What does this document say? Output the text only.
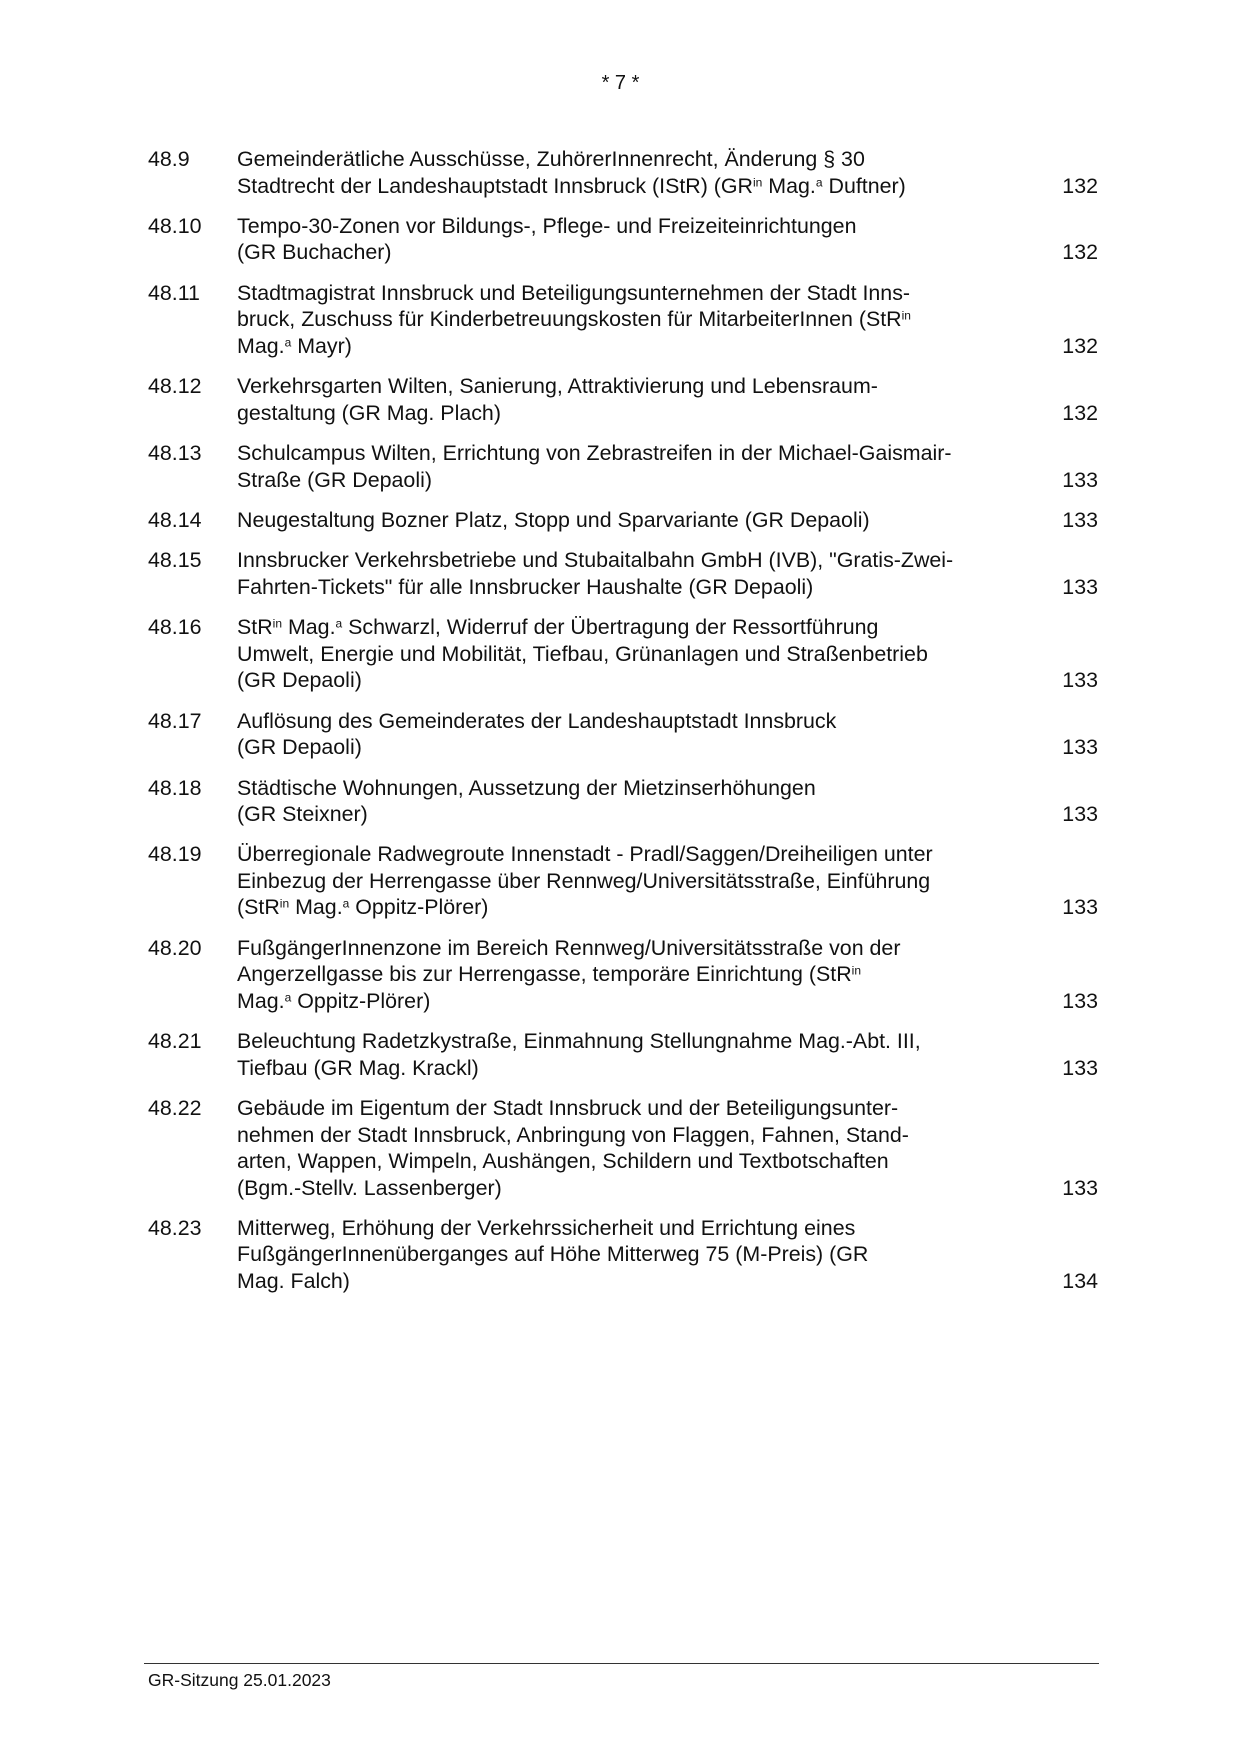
* 7 *
48.9	Gemeinderätliche Ausschüsse, ZuhörerInnenrecht, Änderung § 30
Stadtrecht der Landeshauptstadt Innsbruck (IStR) ($GR^{in}$ Mag.$^a$ Duftner)	132
48.10	Tempo-30-Zonen vor Bildungs-, Pflege- und Freizeiteinrichtungen
(GR Buchacher)	132
48.11	Stadtmagistrat Innsbruck und Beteiligungsunternehmen der Stadt Inns-
bruck, Zuschuss für Kinderbetreuungskosten für MitarbeiterInnen (StR$^{in}$
Mag.$^a$ Mayr)	132
48.12	Verkehrsgarten Wilten, Sanierung, Attraktivierung und Lebensraum-
gestaltung (GR Mag. Plach)	132
48.13	Schulcampus Wilten, Errichtung von Zebrastreifen in der Michael-Gaismair-
Straße (GR Depaoli)	133
48.14	Neugestaltung Bozner Platz, Stopp und Sparvariante (GR Depaoli)	133
48.15	Innsbrucker Verkehrsbetriebe und Stubaitalbahn GmbH (IVB), "Gratis-Zwei-
Fahrten-Tickets" für alle Innsbrucker Haushalte (GR Depaoli)	133
48.16	StR$^{in}$ Mag.$^a$ Schwarzl, Widerruf der Übertragung der Ressortführung
Umwelt, Energie und Mobilität, Tiefbau, Grünanlagen und Straßenbetrieb
(GR Depaoli)	133
48.17	Auflösung des Gemeinderates der Landeshauptstadt Innsbruck
(GR Depaoli)	133
48.18	Städtische Wohnungen, Aussetzung der Mietzinserhöhungen
(GR Steixner)	133
48.19	Überregionale Radwegroute Innenstadt - Pradl/Saggen/Dreiheiligen unter
Einbezug der Herrengasse über Rennweg/Universitätsstraße, Einführung
(StR$^{in}$ Mag.$^a$ Oppitz-Plörer)	133
48.20	FußgängerInnenzone im Bereich Rennweg/Universitätsstraße von der
Angerzellgasse bis zur Herrengasse, temporäre Einrichtung (StR$^{in}$
Mag.$^a$ Oppitz-Plörer)	133
48.21	Beleuchtung Radetzkystraße, Einmahnung Stellungnahme Mag.-Abt. III,
Tiefbau (GR Mag. Krackl)	133
48.22	Gebäude im Eigentum der Stadt Innsbruck und der Beteiligungsunter-
nehmen der Stadt Innsbruck, Anbringung von Flaggen, Fahnen, Stand-
arten, Wappen, Wimpeln, Aushängen, Schildern und Textbotschaften
(Bgm.-Stellv. Lassenberger)	133
48.23	Mitterweg, Erhöhung der Verkehrssicherheit und Errichtung eines
FußgängerInnenüberganges auf Höhe Mitterweg 75 (M-Preis) (GR
Mag. Falch)	134
GR-Sitzung 25.01.2023
